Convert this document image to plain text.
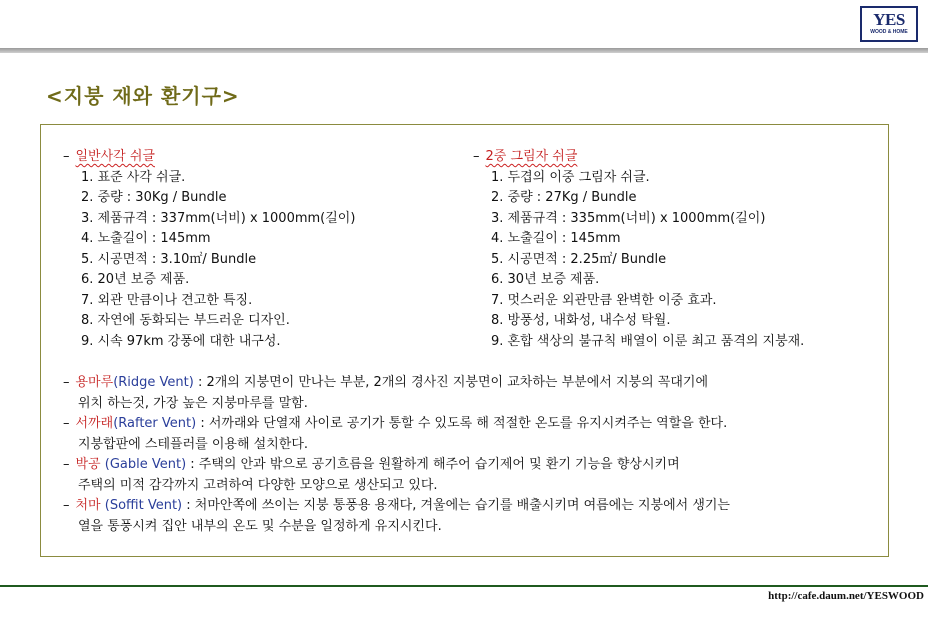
YES
WOOD & HOME
<지붕 재와 환기구>
– 일반사각 쉬글
1. 표준 사각 쉬글.
2. 중량 : 30Kg / Bundle
3. 제품규격 : 337mm(너비) x 1000mm(길이)
4. 노출길이 : 145mm
5. 시공면적 : 3.10㎡/ Bundle
6. 20년 보증 제품.
7. 외관 만큼이나 견고한 특징.
8. 자연에 동화되는 부드러운 디자인.
9. 시속 97km 강풍에 대한 내구성.
– 2중 그림자 쉬글
1. 두겹의 이중 그림자 쉬글.
2. 중량 : 27Kg / Bundle
3. 제품규격 : 335mm(너비) x 1000mm(길이)
4. 노출길이 : 145mm
5. 시공면적 : 2.25㎡/ Bundle
6. 30년 보증 제품.
7. 멋스러운 외관만큼 완벽한 이중 효과.
8. 방풍성, 내화성, 내수성 탁월.
9. 혼합 색상의 불규칙 배열이 이룬 최고 품격의 지붕재.

– 용마루(Ridge Vent) : 2개의 지붕면이 만나는 부분, 2개의 경사진 지붕면이 교차하는 부분에서 지붕의 꼭대기에
위치 하는것, 가장 높은 지붕마루를 말함.

– 서까래(Rafter Vent) : 서까래와 단열재 사이로 공기가 통할 수 있도록 해 적절한 온도를 유지시켜주는 역할을 한다.
지붕합판에 스테플러를 이용해 설치한다.

– 박공 (Gable Vent) : 주택의 안과 밖으로 공기흐름을 원활하게 해주어 습기제어 및 환기 기능을 향상시키며
주택의 미적 감각까지 고려하여 다양한 모양으로 생산되고 있다.

– 처마 (Soffit Vent) : 처마안쪽에 쓰이는 지붕 통풍용 용재다, 겨울에는 습기를 배출시키며 여름에는 지붕에서 생기는
열을 통풍시켜 집안 내부의 온도 및 수분을 일정하게 유지시킨다.

http://cafe.daum.net/YESWOOD
